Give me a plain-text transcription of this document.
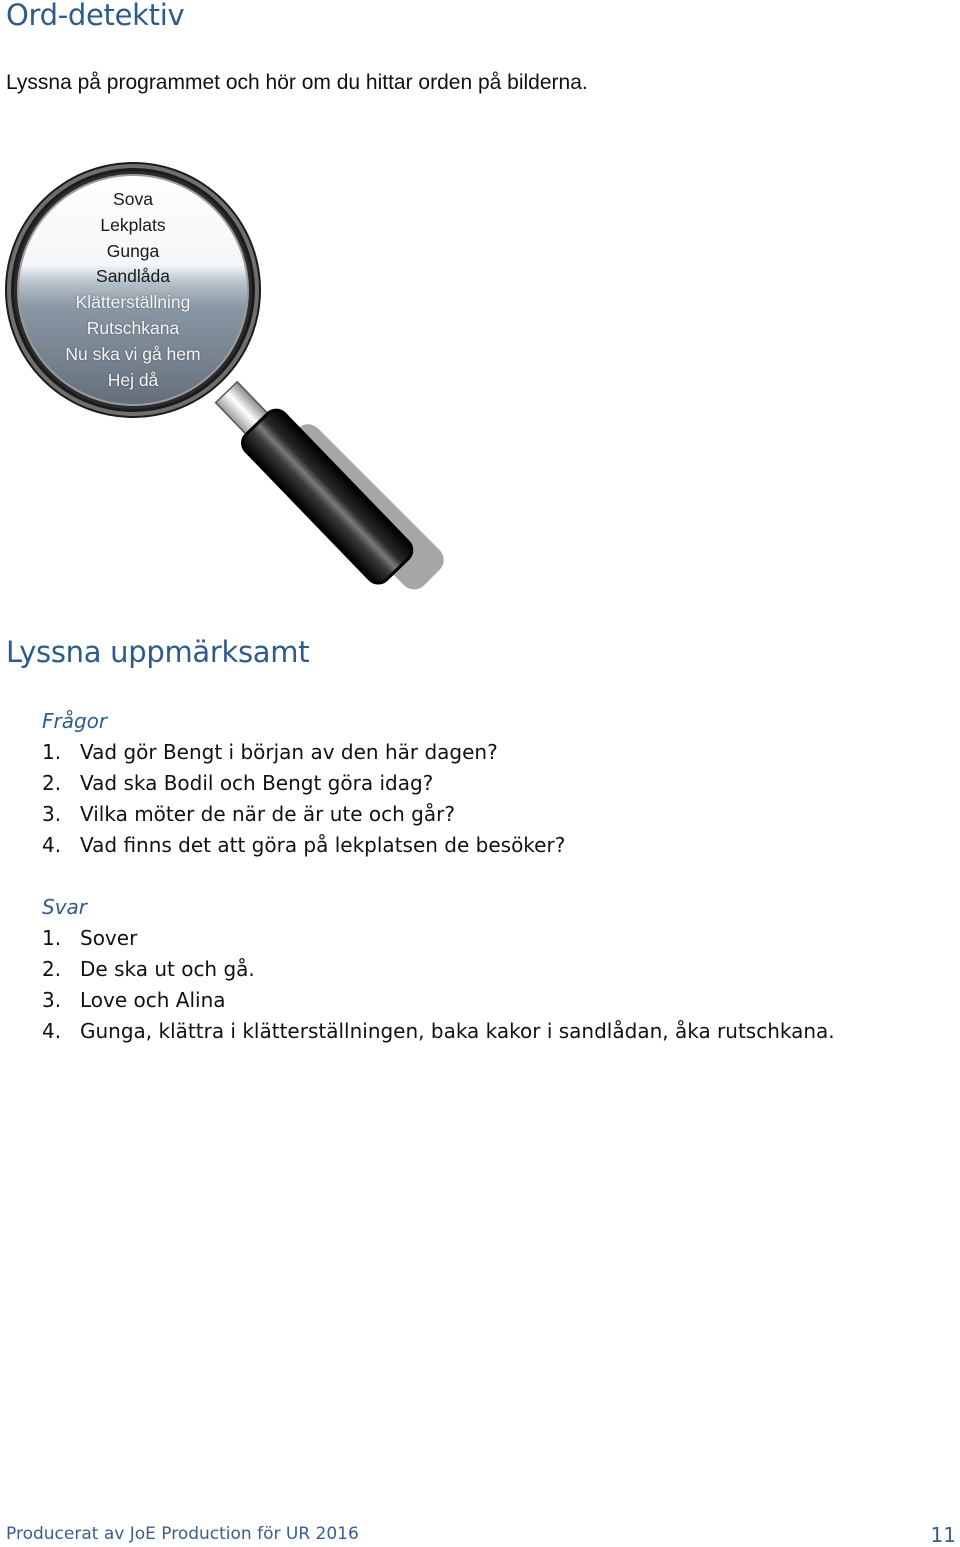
Ord-detektiv
Lyssna på programmet och hör om du hittar orden på bilderna.
Sova
Lekplats
Gunga
Sandlåda
Klätterställning
Rutschkana
Nu ska vi gå hem
Hej då
Lyssna uppmärksamt
Frågor
1. Vad gör Bengt i början av den här dagen?
2. Vad ska Bodil och Bengt göra idag?
3. Vilka möter de när de är ute och går?
4. Vad finns det att göra på lekplatsen de besöker?
Svar
1. Sover
2. De ska ut och gå.
3. Love och Alina
4. Gunga, klättra i klätterställningen, baka kakor i sandlådan, åka rutschkana.
Producerat av JoE Production för UR 2016	11
